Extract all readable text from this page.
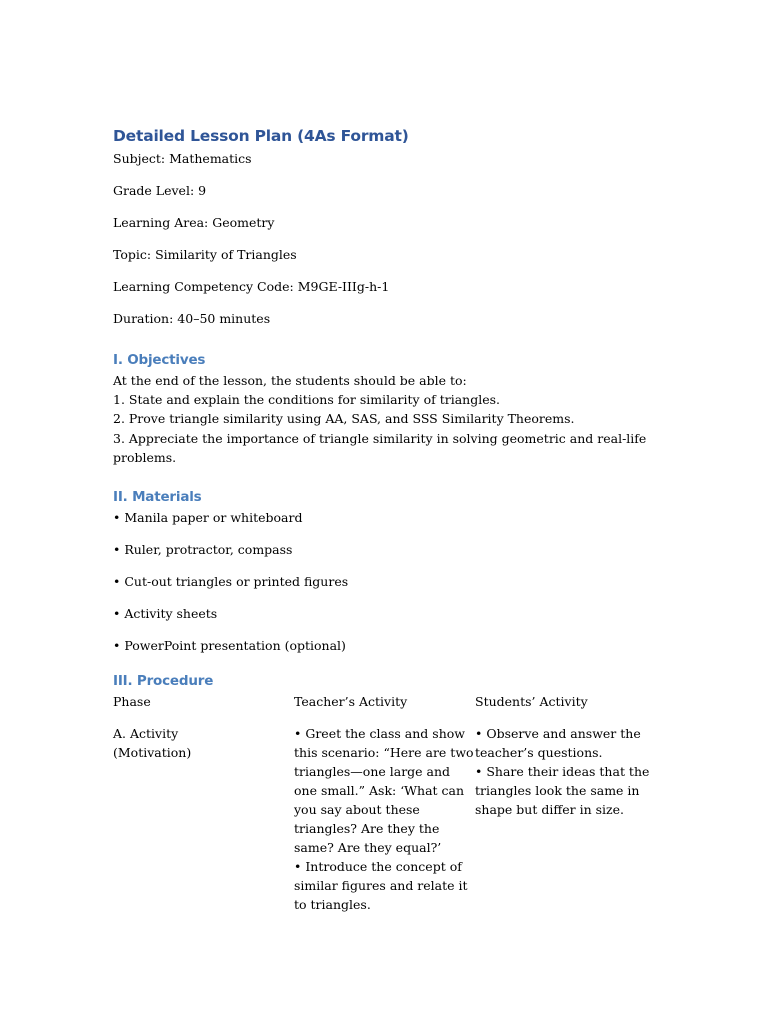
Detailed Lesson Plan (4As Format)

Subject: Mathematics

Grade Level: 9

Learning Area: Geometry

Topic: Similarity of Triangles

Learning Competency Code: M9GE-IIIg-h-1

Duration: 40–50 minutes

I. Objectives

At the end of the lesson, the students should be able to:

1. State and explain the conditions for similarity of triangles.

2. Prove triangle similarity using AA, SAS, and SSS Similarity Theorems.

3. Appreciate the importance of triangle similarity in solving geometric and real-life

problems.

II. Materials

• Manila paper or whiteboard

• Ruler, protractor, compass

• Cut-out triangles or printed figures

• Activity sheets

• PowerPoint presentation (optional)

III. Procedure
Phase	Teacher’s Activity	Students’ Activity
A. Activity
(Motivation)
• Greet the class and show
this scenario: “Here are two
triangles—one large and
one small.” Ask: ‘What can
you say about these
triangles? Are they the
same? Are they equal?’
• Introduce the concept of
similar figures and relate it
to triangles.
• Observe and answer the
teacher’s questions.
• Share their ideas that the
triangles look the same in
shape but differ in size.
